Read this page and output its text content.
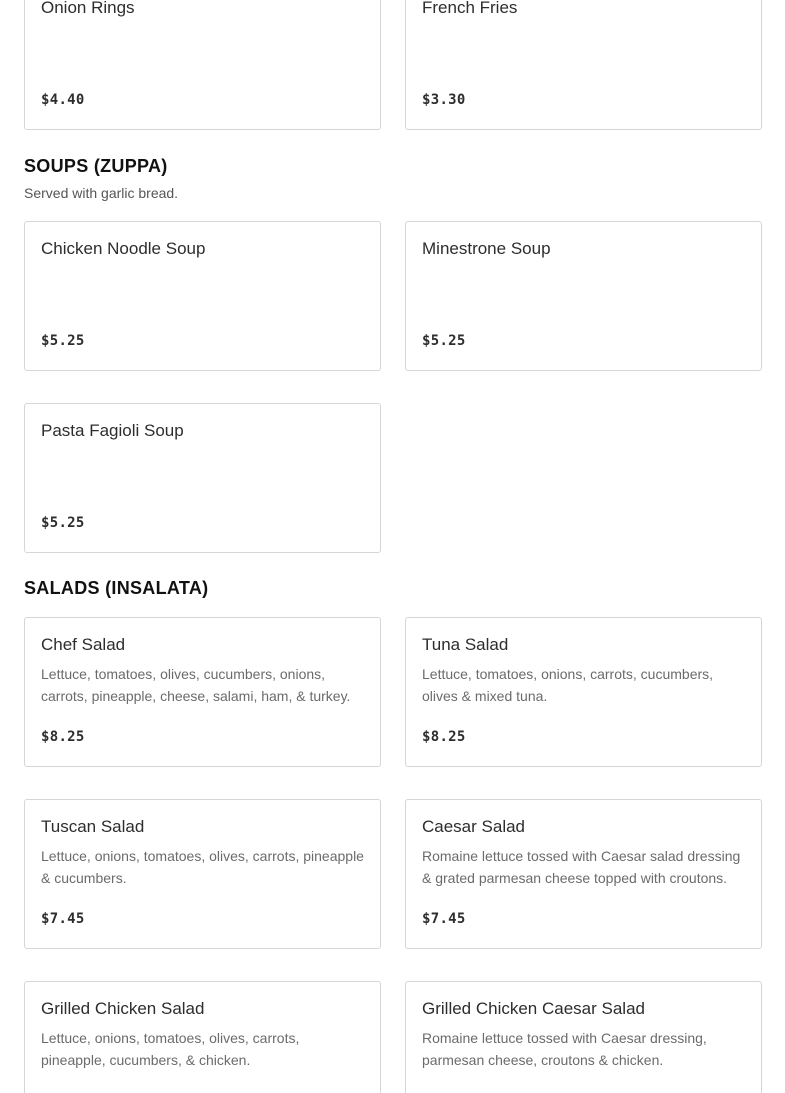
Onion Rings
$4.40
French Fries
$3.30
SOUPS (ZUPPA)
Served with garlic bread.
Chicken Noodle Soup
$5.25
Minestrone Soup
$5.25
Pasta Fagioli Soup
$5.25
SALADS (INSALATA)
Chef Salad
Lettuce, tomatoes, olives, cucumbers, onions, carrots, pineapple, cheese, salami, ham, & turkey.
$8.25
Tuna Salad
Lettuce, tomatoes, onions, carrots, cucumbers, olives & mixed tuna.
$8.25
Tuscan Salad
Lettuce, onions, tomatoes, olives, carrots, pineapple & cucumbers.
$7.45
Caesar Salad
Romaine lettuce tossed with Caesar salad dressing & grated parmesan cheese topped with croutons.
$7.45
Grilled Chicken Salad
Lettuce, onions, tomatoes, olives, carrots, pineapple, cucumbers, & chicken.
Grilled Chicken Caesar Salad
Romaine lettuce tossed with Caesar dressing, parmesan cheese, croutons & chicken.
